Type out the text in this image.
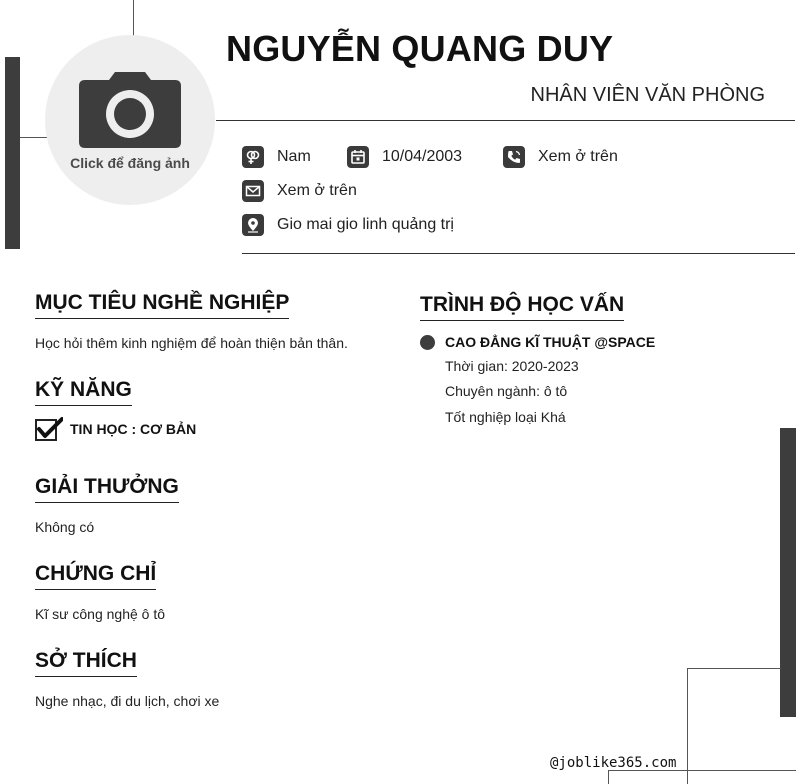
Click để đăng ảnh
NGUYỄN QUANG DUY
NHÂN VIÊN VĂN PHÒNG
Nam	10/04/2003	Xem ở trên
Xem ở trên
Gio mai gio linh quảng trị
MỤC TIÊU NGHỀ NGHIỆP
Học hỏi thêm kinh nghiệm để hoàn thiện bản thân.
KỸ NĂNG
TIN HỌC : CƠ BẢN
GIẢI THƯỞNG
Không có
CHỨNG CHỈ
Kĩ sư công nghệ ô tô
SỞ THÍCH
Nghe nhạc, đi du lịch, chơi xe
TRÌNH ĐỘ HỌC VẤN
CAO ĐẲNG KĨ THUẬT @SPACE
Thời gian: 2020-2023
Chuyên ngành: ô tô
Tốt nghiệp loại Khá
@joblike365.com
